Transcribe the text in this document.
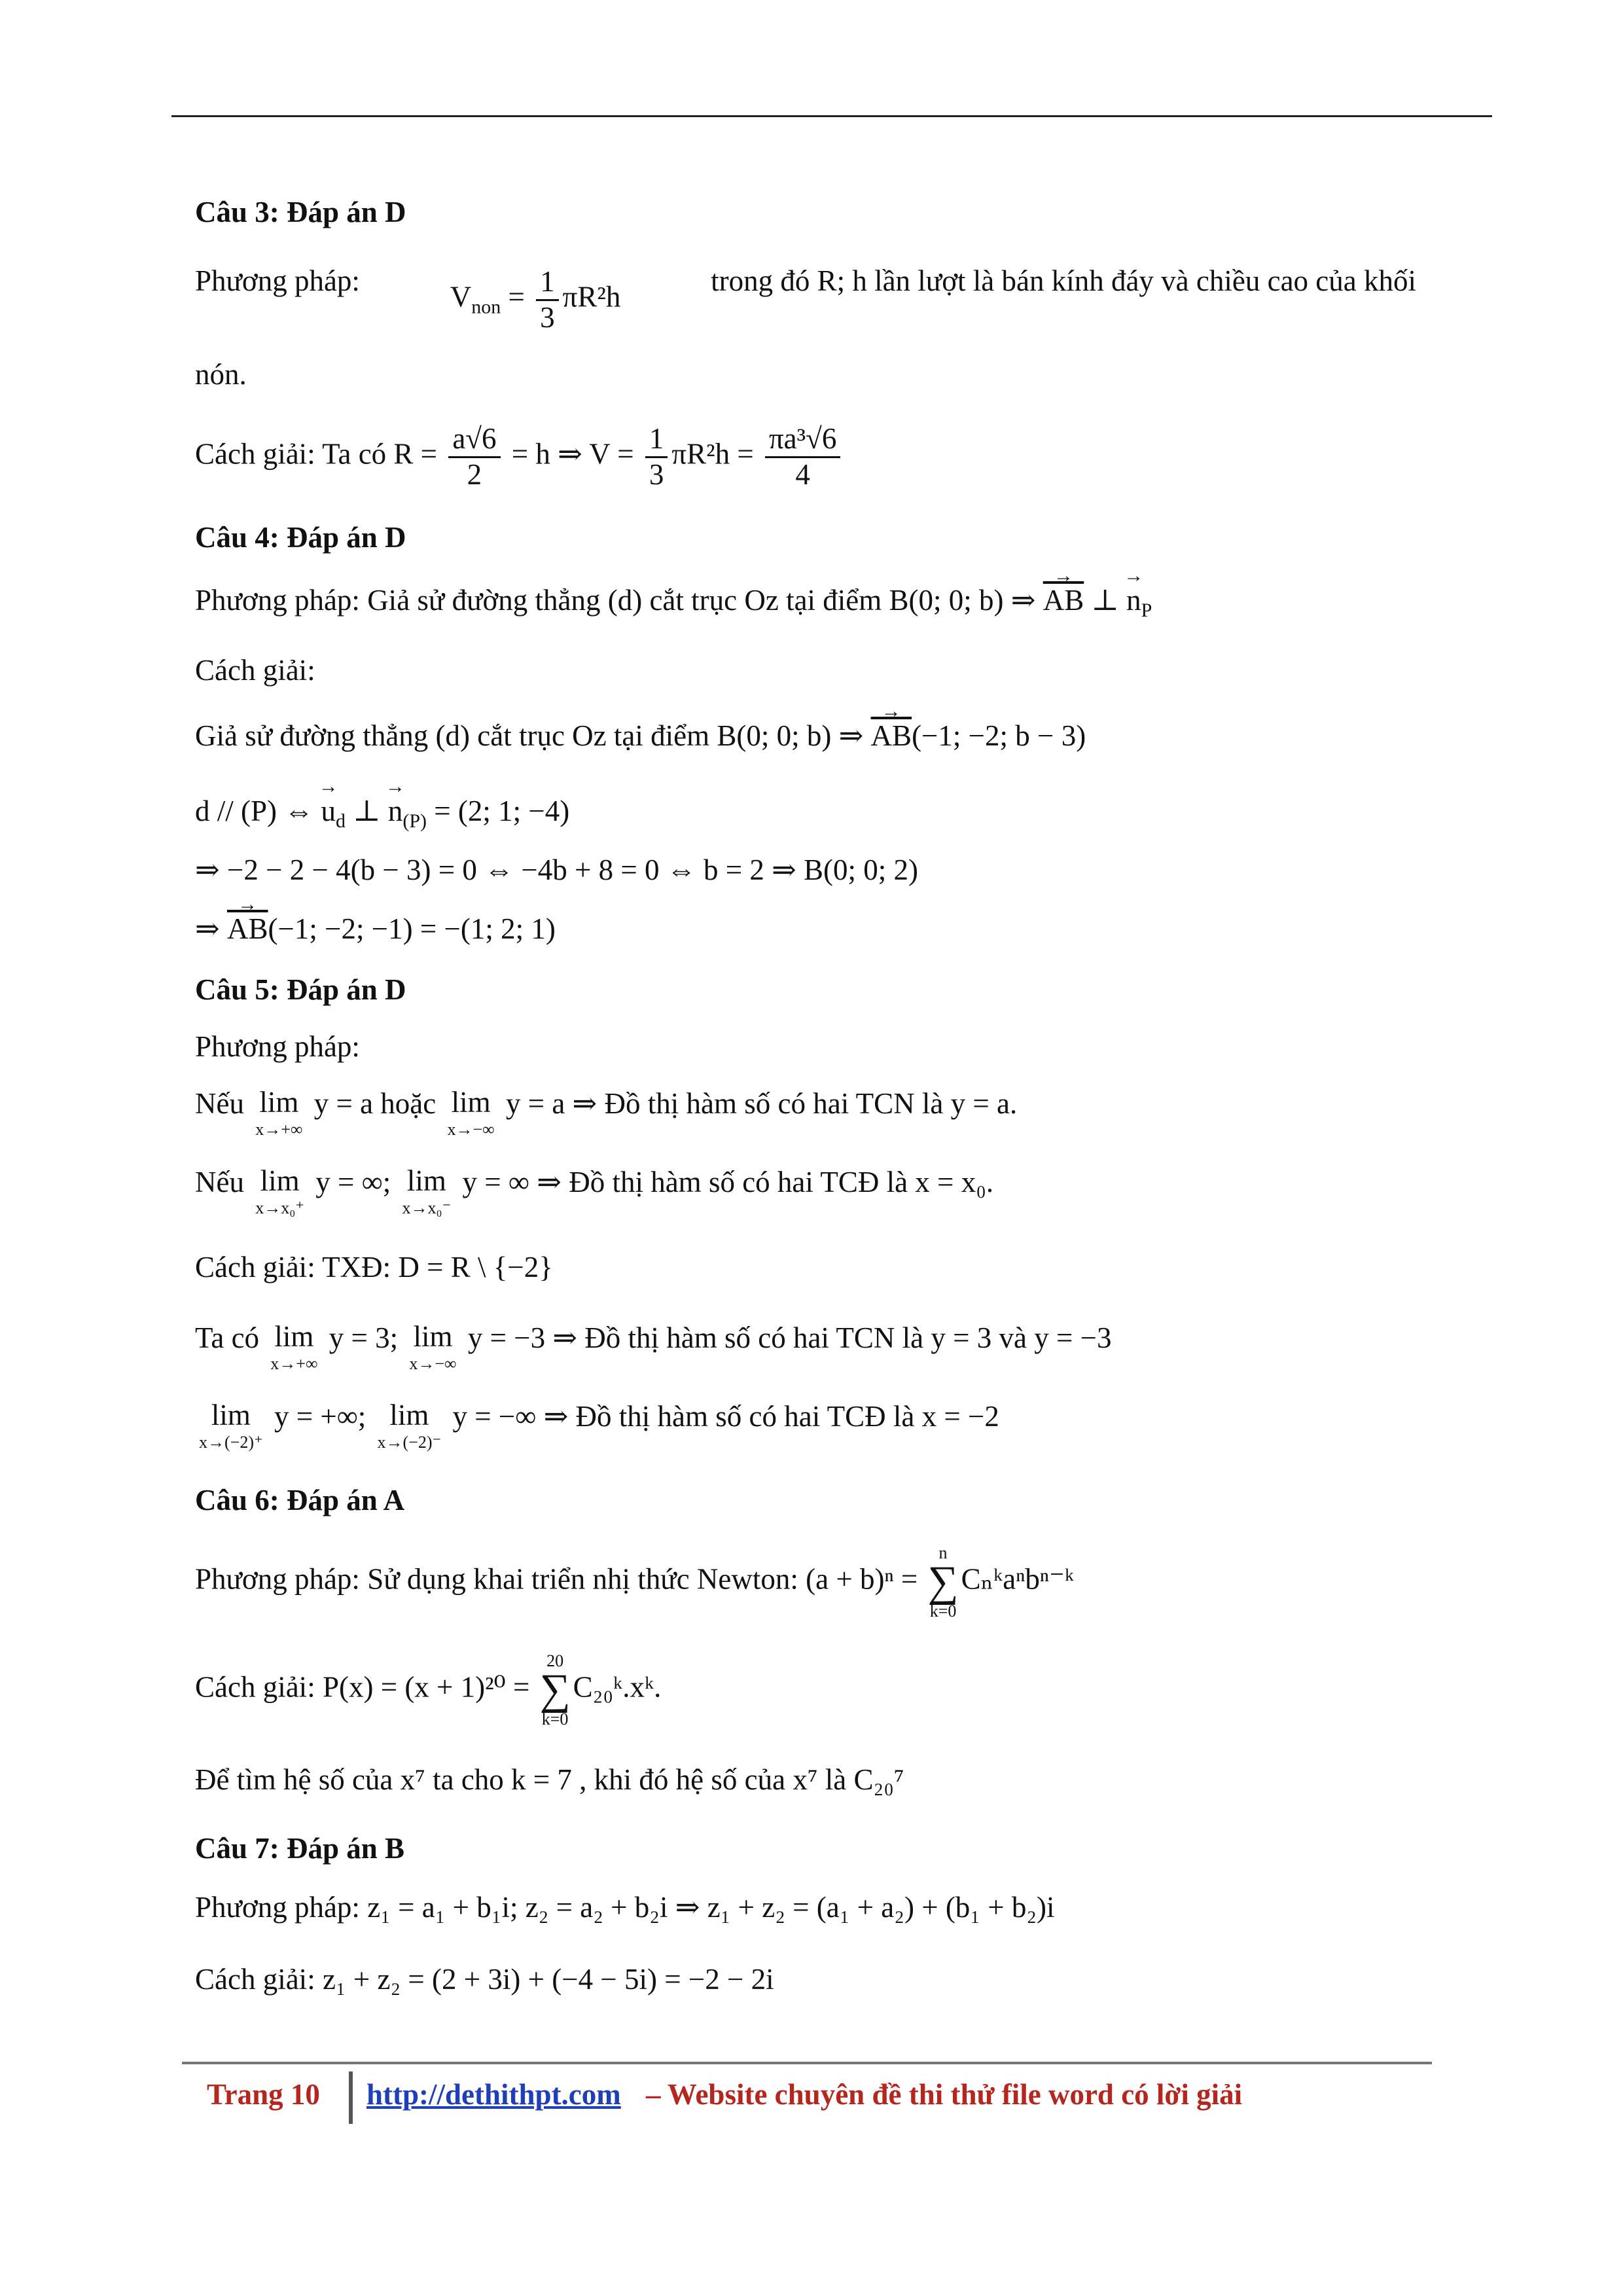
Câu 3: Đáp án D
Phương pháp:	$V_{non} = \frac{1}{3} \pi R^2h$	trong đó R; h lần lượt là bán kính đáy và chiều cao của khối
nón.
Cách giải: Ta có $R = \frac{a√6}{2} = h$ ⇒ $V = \frac{1}{3} \pi R^2h = \frac{\text{πa³√6}}{4}$
Câu 4: Đáp án D
Phương pháp: Giả sử đường thẳng (d) cắt trục Oz tại điểm B(0; 0; b) ⇒ → $\overline{AB}$ ⊥ → $n_P$
Cách giải:
Giả sử đường thẳng (d) cắt trục Oz tại điểm B(0; 0; b) ⇒ → $\overline{AB}(-1$; −2; b − 3)
d // (P) ⇔ → $u_d$ ⊥ → $n_{(P)} = (2$; 1; −4)
⇒ −2 − 2 − 4(b − 3) = 0 ⇔ −4b + 8 = 0 ⇔ b = 2 ⇒ B(0; 0; 2)
⇒ → $\overline{AB}(-1$; −2; −1) = −(1; 2; 1)
Câu 5: Đáp án D
Phương pháp:
Nếu lim
x→+∞
y = a hoặc lim
x→−∞
y = a ⇒ Đồ thị hàm số có hai TCN là y = a.
Nếu lim
x→x₀⁺
y = ∞; lim
x→x₀⁻
y = ∞ ⇒ Đồ thị hàm số có hai TCĐ là x = x₀.
Cách giải: TXĐ: D = R \ {−2}
Ta có lim
x→+∞
y = 3; lim
x→−∞
y = −3 ⇒ Đồ thị hàm số có hai TCN là y = 3 và y = −3
lim
x→(−2)⁺
y = +∞; lim
x→(−2)⁻
y = −∞ ⇒ Đồ thị hàm số có hai TCĐ là x = −2
Câu 6: Đáp án A
Phương pháp: Sử dụng khai triển nhị thức Newton: (a + b)ⁿ =
n
∑
k=0
Cₙᵏaⁿbⁿ⁻ᵏ
Cách giải: P(x) = (x + 1)²⁰ =
20
∑
k=0
C₂₀ᵏ.xᵏ.
Để tìm hệ số của x⁷ ta cho k = 7 , khi đó hệ số của x⁷ là C₂₀⁷
Câu 7: Đáp án B
Phương pháp: z₁ = a₁ + b₁i; z₂ = a₂ + b₂i ⇒ z₁ + z₂ = (a₁ + a₂) + (b₁ + b₂)i
Cách giải: z₁ + z₂ = (2 + 3i) + (−4 − 5i) = −2 − 2i
Trang 10 http://dethithpt.com – Website chuyên đề thi thử file word có lời giải
